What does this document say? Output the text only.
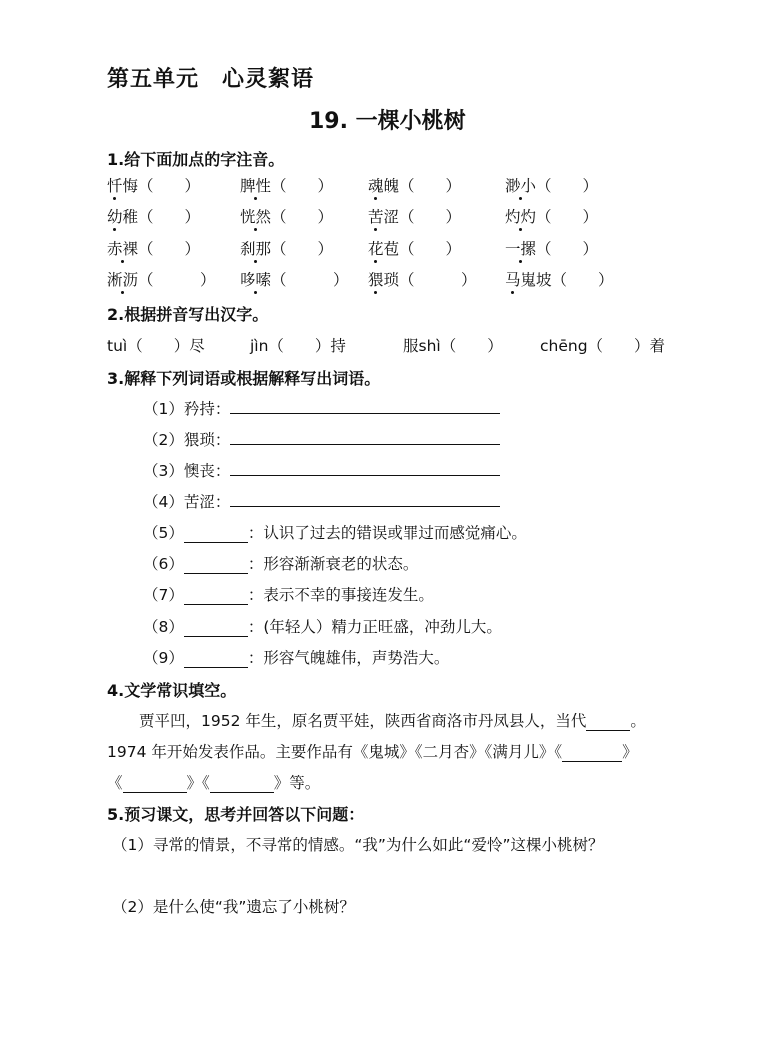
第五单元　心灵絮语
19. 一棵小桃树
1.给下面加点的字注音。
忏悔（　　）	脾性（　　） 魂魄（　　）	渺小（　　）
幼稚（　　）	恍然（　　） 苦涩（　　）	灼灼（　　）
赤裸（　　）	刹那（　　） 花苞（　　）	一摞（　　）
淅沥（　　　） 哆嗦（　　　） 猥琐（　　　） 马嵬坡（　　）
2.根据拼音写出汉字。
tuì（　　）尽	jìn（　　）持	服shì（　　） chēng（　　）着
3.解释下列词语或根据解释写出词语。
（1）矜持：
（2）猥琐：
（3）懊丧：
（4）苦涩：
（5）	：认识了过去的错误或罪过而感觉痛心。
（6）	：形容渐渐衰老的状态。
（7）	：表示不幸的事接连发生。
（8）	：(年轻人）精力正旺盛，冲劲儿大。
（9）	：形容气魄雄伟，声势浩大。
4.文学常识填空。
贾平凹，1952 年生，原名贾平娃，陕西省商洛市丹凤县人，当代	。
1974 年开始发表作品。主要作品有《鬼城》《二月杏》《满月儿》《	》
《	》《	》等。
5.预习课文，思考并回答以下问题：
（1）寻常的情景，不寻常的情感。“我”为什么如此“爱怜”这棵小桃树？
（2）是什么使“我”遗忘了小桃树？
